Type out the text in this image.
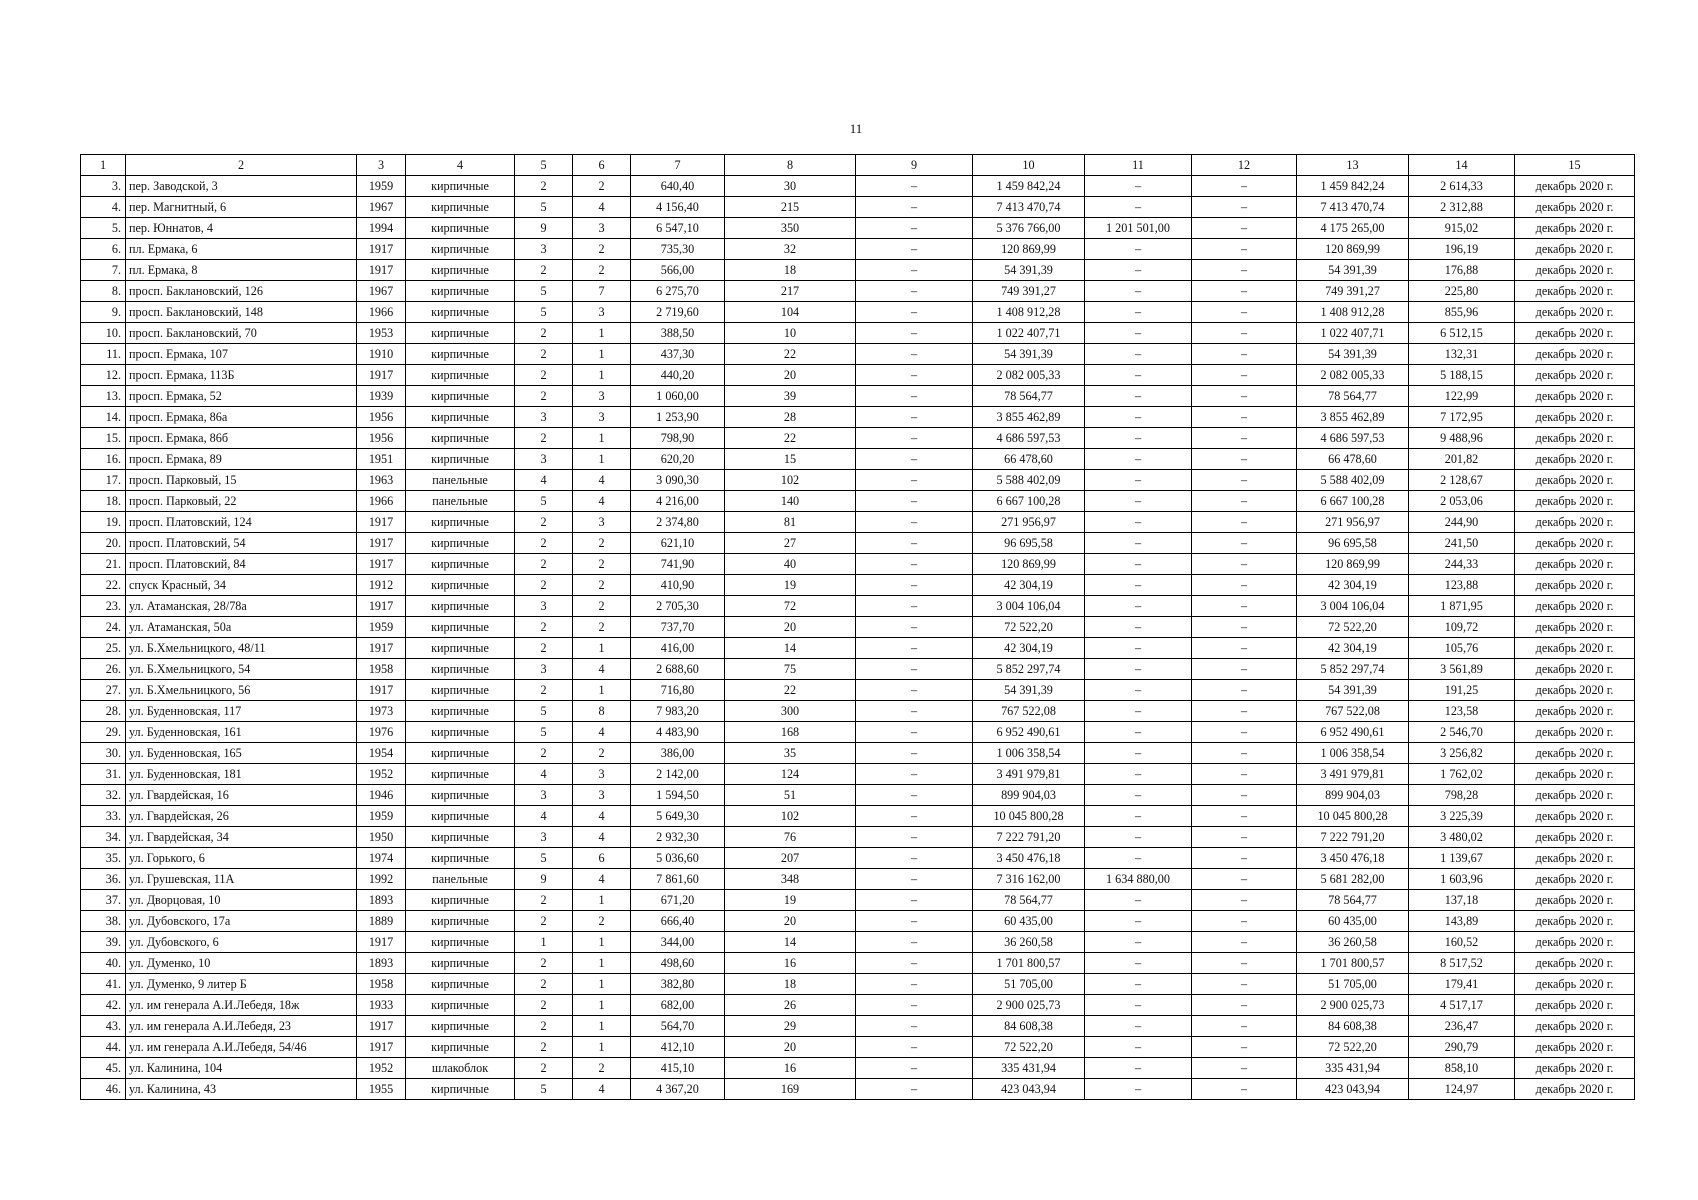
11
1	2	3	4	5	6	7	8	9	10	11	12	13	14	15
3.	пер. Заводской, 3	1959	кирпичные	2	2	640,40	30	–	1 459 842,24	–	–	1 459 842,24	2 614,33	декабрь 2020 г.
4.	пер. Магнитный, 6	1967	кирпичные	5	4	4 156,40	215	–	7 413 470,74	–	–	7 413 470,74	2 312,88	декабрь 2020 г.
5.	пер. Юннатов, 4	1994	кирпичные	9	3	6 547,10	350	–	5 376 766,00	1 201 501,00	–	4 175 265,00	915,02	декабрь 2020 г.
6.	пл. Ермака, 6	1917	кирпичные	3	2	735,30	32	–	120 869,99	–	–	120 869,99	196,19	декабрь 2020 г.
7.	пл. Ермака, 8	1917	кирпичные	2	2	566,00	18	–	54 391,39	–	–	54 391,39	176,88	декабрь 2020 г.
8.	просп. Баклановский, 126	1967	кирпичные	5	7	6 275,70	217	–	749 391,27	–	–	749 391,27	225,80	декабрь 2020 г.
9.	просп. Баклановский, 148	1966	кирпичные	5	3	2 719,60	104	–	1 408 912,28	–	–	1 408 912,28	855,96	декабрь 2020 г.
10.	просп. Баклановский, 70	1953	кирпичные	2	1	388,50	10	–	1 022 407,71	–	–	1 022 407,71	6 512,15	декабрь 2020 г.
11.	просп. Ермака, 107	1910	кирпичные	2	1	437,30	22	–	54 391,39	–	–	54 391,39	132,31	декабрь 2020 г.
12.	просп. Ермака, 113Б	1917	кирпичные	2	1	440,20	20	–	2 082 005,33	–	–	2 082 005,33	5 188,15	декабрь 2020 г.
13.	просп. Ермака, 52	1939	кирпичные	2	3	1 060,00	39	–	78 564,77	–	–	78 564,77	122,99	декабрь 2020 г.
14.	просп. Ермака, 86а	1956	кирпичные	3	3	1 253,90	28	–	3 855 462,89	–	–	3 855 462,89	7 172,95	декабрь 2020 г.
15.	просп. Ермака, 86б	1956	кирпичные	2	1	798,90	22	–	4 686 597,53	–	–	4 686 597,53	9 488,96	декабрь 2020 г.
16.	просп. Ермака, 89	1951	кирпичные	3	1	620,20	15	–	66 478,60	–	–	66 478,60	201,82	декабрь 2020 г.
17.	просп. Парковый, 15	1963	панельные	4	4	3 090,30	102	–	5 588 402,09	–	–	5 588 402,09	2 128,67	декабрь 2020 г.
18.	просп. Парковый, 22	1966	панельные	5	4	4 216,00	140	–	6 667 100,28	–	–	6 667 100,28	2 053,06	декабрь 2020 г.
19.	просп. Платовский, 124	1917	кирпичные	2	3	2 374,80	81	–	271 956,97	–	–	271 956,97	244,90	декабрь 2020 г.
20.	просп. Платовский, 54	1917	кирпичные	2	2	621,10	27	–	96 695,58	–	–	96 695,58	241,50	декабрь 2020 г.
21.	просп. Платовский, 84	1917	кирпичные	2	2	741,90	40	–	120 869,99	–	–	120 869,99	244,33	декабрь 2020 г.
22.	спуск Красный, 34	1912	кирпичные	2	2	410,90	19	–	42 304,19	–	–	42 304,19	123,88	декабрь 2020 г.
23.	ул. Атаманская, 28/78а	1917	кирпичные	3	2	2 705,30	72	–	3 004 106,04	–	–	3 004 106,04	1 871,95	декабрь 2020 г.
24.	ул. Атаманская, 50а	1959	кирпичные	2	2	737,70	20	–	72 522,20	–	–	72 522,20	109,72	декабрь 2020 г.
25.	ул. Б.Хмельницкого, 48/11	1917	кирпичные	2	1	416,00	14	–	42 304,19	–	–	42 304,19	105,76	декабрь 2020 г.
26.	ул. Б.Хмельницкого, 54	1958	кирпичные	3	4	2 688,60	75	–	5 852 297,74	–	–	5 852 297,74	3 561,89	декабрь 2020 г.
27.	ул. Б.Хмельницкого, 56	1917	кирпичные	2	1	716,80	22	–	54 391,39	–	–	54 391,39	191,25	декабрь 2020 г.
28.	ул. Буденновская, 117	1973	кирпичные	5	8	7 983,20	300	–	767 522,08	–	–	767 522,08	123,58	декабрь 2020 г.
29.	ул. Буденновская, 161	1976	кирпичные	5	4	4 483,90	168	–	6 952 490,61	–	–	6 952 490,61	2 546,70	декабрь 2020 г.
30.	ул. Буденновская, 165	1954	кирпичные	2	2	386,00	35	–	1 006 358,54	–	–	1 006 358,54	3 256,82	декабрь 2020 г.
31.	ул. Буденновская, 181	1952	кирпичные	4	3	2 142,00	124	–	3 491 979,81	–	–	3 491 979,81	1 762,02	декабрь 2020 г.
32.	ул. Гвардейская, 16	1946	кирпичные	3	3	1 594,50	51	–	899 904,03	–	–	899 904,03	798,28	декабрь 2020 г.
33.	ул. Гвардейская, 26	1959	кирпичные	4	4	5 649,30	102	–	10 045 800,28	–	–	10 045 800,28	3 225,39	декабрь 2020 г.
34.	ул. Гвардейская, 34	1950	кирпичные	3	4	2 932,30	76	–	7 222 791,20	–	–	7 222 791,20	3 480,02	декабрь 2020 г.
35.	ул. Горького, 6	1974	кирпичные	5	6	5 036,60	207	–	3 450 476,18	–	–	3 450 476,18	1 139,67	декабрь 2020 г.
36.	ул. Грушевская, 11А	1992	панельные	9	4	7 861,60	348	–	7 316 162,00	1 634 880,00	–	5 681 282,00	1 603,96	декабрь 2020 г.
37.	ул. Дворцовая, 10	1893	кирпичные	2	1	671,20	19	–	78 564,77	–	–	78 564,77	137,18	декабрь 2020 г.
38.	ул. Дубовского, 17а	1889	кирпичные	2	2	666,40	20	–	60 435,00	–	–	60 435,00	143,89	декабрь 2020 г.
39.	ул. Дубовского, 6	1917	кирпичные	1	1	344,00	14	–	36 260,58	–	–	36 260,58	160,52	декабрь 2020 г.
40.	ул. Думенко, 10	1893	кирпичные	2	1	498,60	16	–	1 701 800,57	–	–	1 701 800,57	8 517,52	декабрь 2020 г.
41.	ул. Думенко, 9 литер Б	1958	кирпичные	2	1	382,80	18	–	51 705,00	–	–	51 705,00	179,41	декабрь 2020 г.
42.	ул. им генерала А.И.Лебедя, 18ж	1933	кирпичные	2	1	682,00	26	–	2 900 025,73	–	–	2 900 025,73	4 517,17	декабрь 2020 г.
43.	ул. им генерала А.И.Лебедя, 23	1917	кирпичные	2	1	564,70	29	–	84 608,38	–	–	84 608,38	236,47	декабрь 2020 г.
44.	ул. им генерала А.И.Лебедя, 54/46	1917	кирпичные	2	1	412,10	20	–	72 522,20	–	–	72 522,20	290,79	декабрь 2020 г.
45.	ул. Калинина, 104	1952	шлакоблок	2	2	415,10	16	–	335 431,94	–	–	335 431,94	858,10	декабрь 2020 г.
46.	ул. Калинина, 43	1955	кирпичные	5	4	4 367,20	169	–	423 043,94	–	–	423 043,94	124,97	декабрь 2020 г.
